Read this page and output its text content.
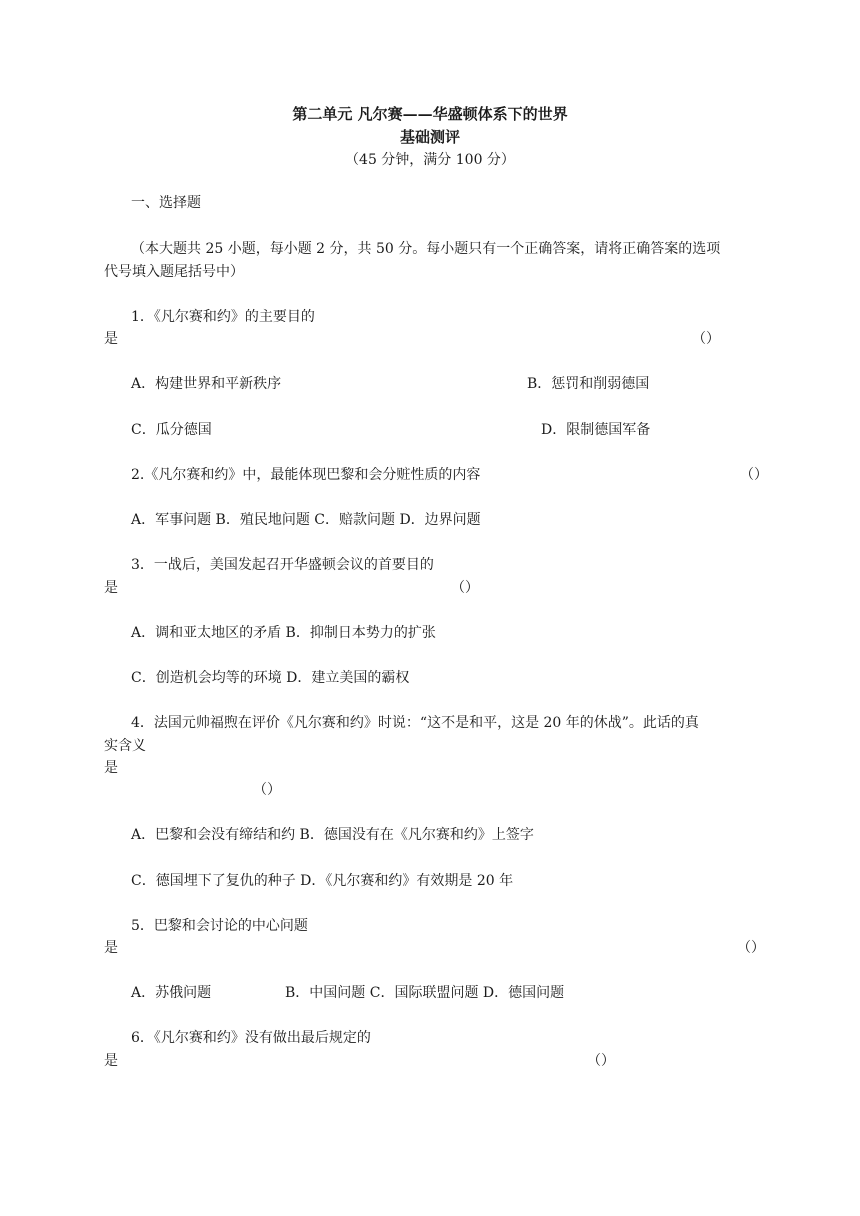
第二单元 凡尔赛——华盛顿体系下的世界
基础测评
（45 分钟，满分 100 分）
一、选择题
（本大题共 25 小题，每小题 2 分，共 50 分。每小题只有一个正确答案，请将正确答案的选项
代号填入题尾括号中）
1．《凡尔赛和约》的主要目的
是	（）
A．构建世界和平新秩序	B．惩罚和削弱德国
C．瓜分德国	D．限制德国军备
2.《凡尔赛和约》中，最能体现巴黎和会分赃性质的内容	（）
A．军事问题 B．殖民地问题 C．赔款问题 D．边界问题
3．一战后，美国发起召开华盛顿会议的首要目的
是	（）
A．调和亚太地区的矛盾 B．抑制日本势力的扩张
C．创造机会均等的环境 D．建立美国的霸权
4．法国元帅福煦在评价《凡尔赛和约》时说：“这不是和平，这是 20 年的休战”。此话的真
实含义
是
（）
A．巴黎和会没有缔结和约 B．德国没有在《凡尔赛和约》上签字
C．德国埋下了复仇的种子 D．《凡尔赛和约》有效期是 20 年
5．巴黎和会讨论的中心问题
是	（）
A．苏俄问题	B．中国问题 C．国际联盟问题 D．德国问题
6．《凡尔赛和约》没有做出最后规定的
是	（）
